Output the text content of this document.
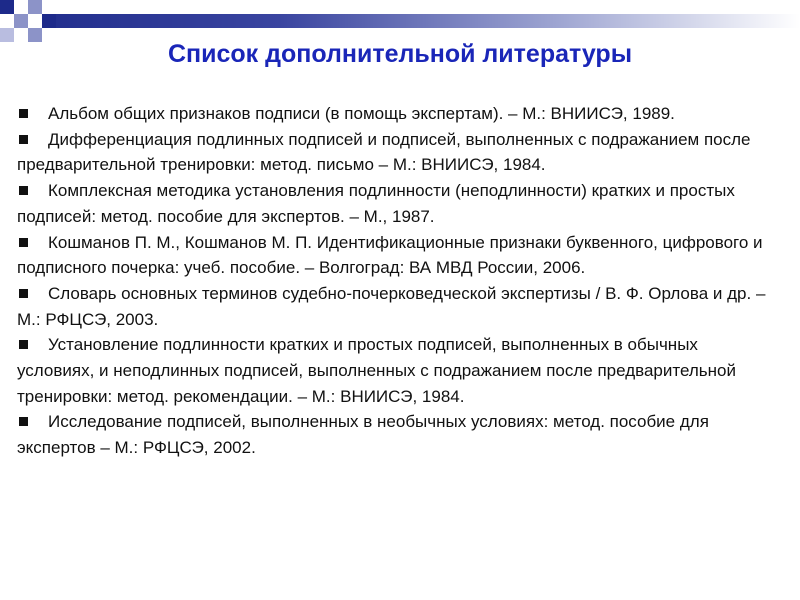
Список дополнительной литературы

Альбом общих признаков подписи (в помощь экспертам). – М.: ВНИИСЭ, 1989.

Дифференциация подлинных подписей и подписей, выполненных с подражанием после предварительной тренировки: метод. письмо – М.: ВНИИСЭ, 1984.

Комплексная методика установления подлинности (неподлинности) кратких и простых подписей: метод. пособие для экспертов. – М., 1987.

Кошманов П. М., Кошманов М. П. Идентификационные признаки буквенного, цифрового и подписного почерка: учеб. пособие. – Волгоград: ВА МВД России, 2006.

Словарь основных терминов судебно-почерковедческой экспертизы / В. Ф. Орлова и др. – М.: РФЦСЭ, 2003.

Установление подлинности кратких и простых подписей, выполненных в обычных условиях, и неподлинных подписей, выполненных с подражанием после предварительной тренировки: метод. рекомендации. – М.: ВНИИСЭ, 1984.

Исследование подписей, выполненных в необычных условиях: метод. пособие для экспертов – М.: РФЦСЭ, 2002.
